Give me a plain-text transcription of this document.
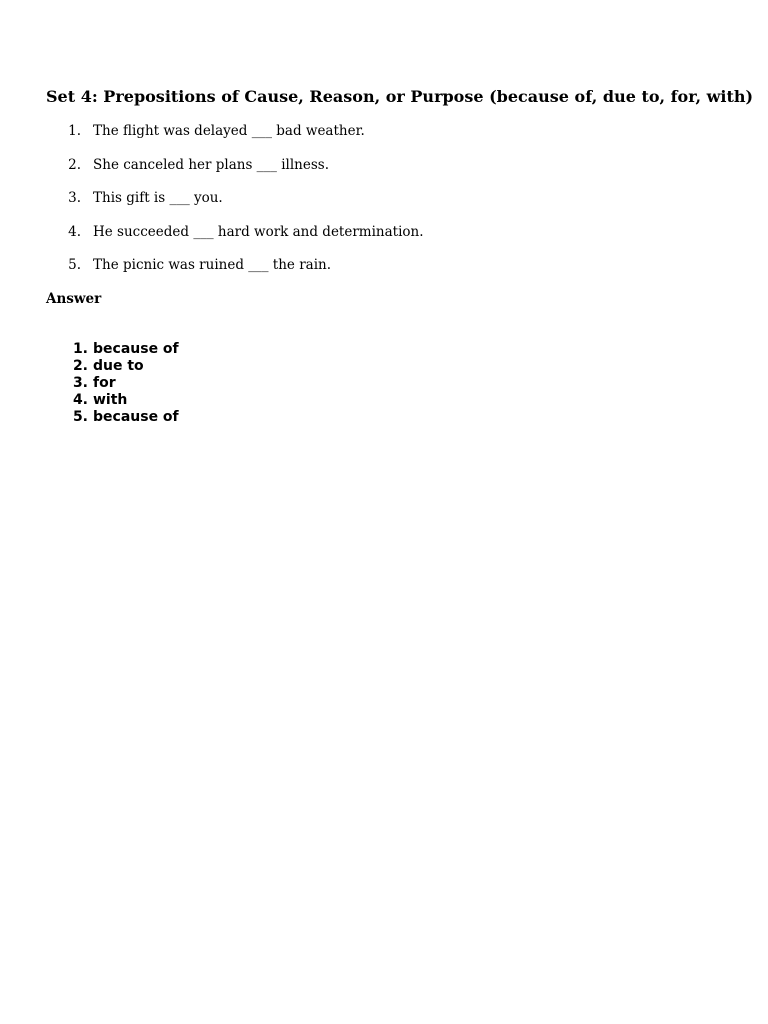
Set 4: Prepositions of Cause, Reason, or Purpose (because of, due to, for, with)
1. The flight was delayed ___ bad weather.
2. She canceled her plans ___ illness.
3. This gift is ___ you.
4. He succeeded ___ hard work and determination.
5. The picnic was ruined ___ the rain.
Answer
1. because of
2. due to
3. for
4. with
5. because of
